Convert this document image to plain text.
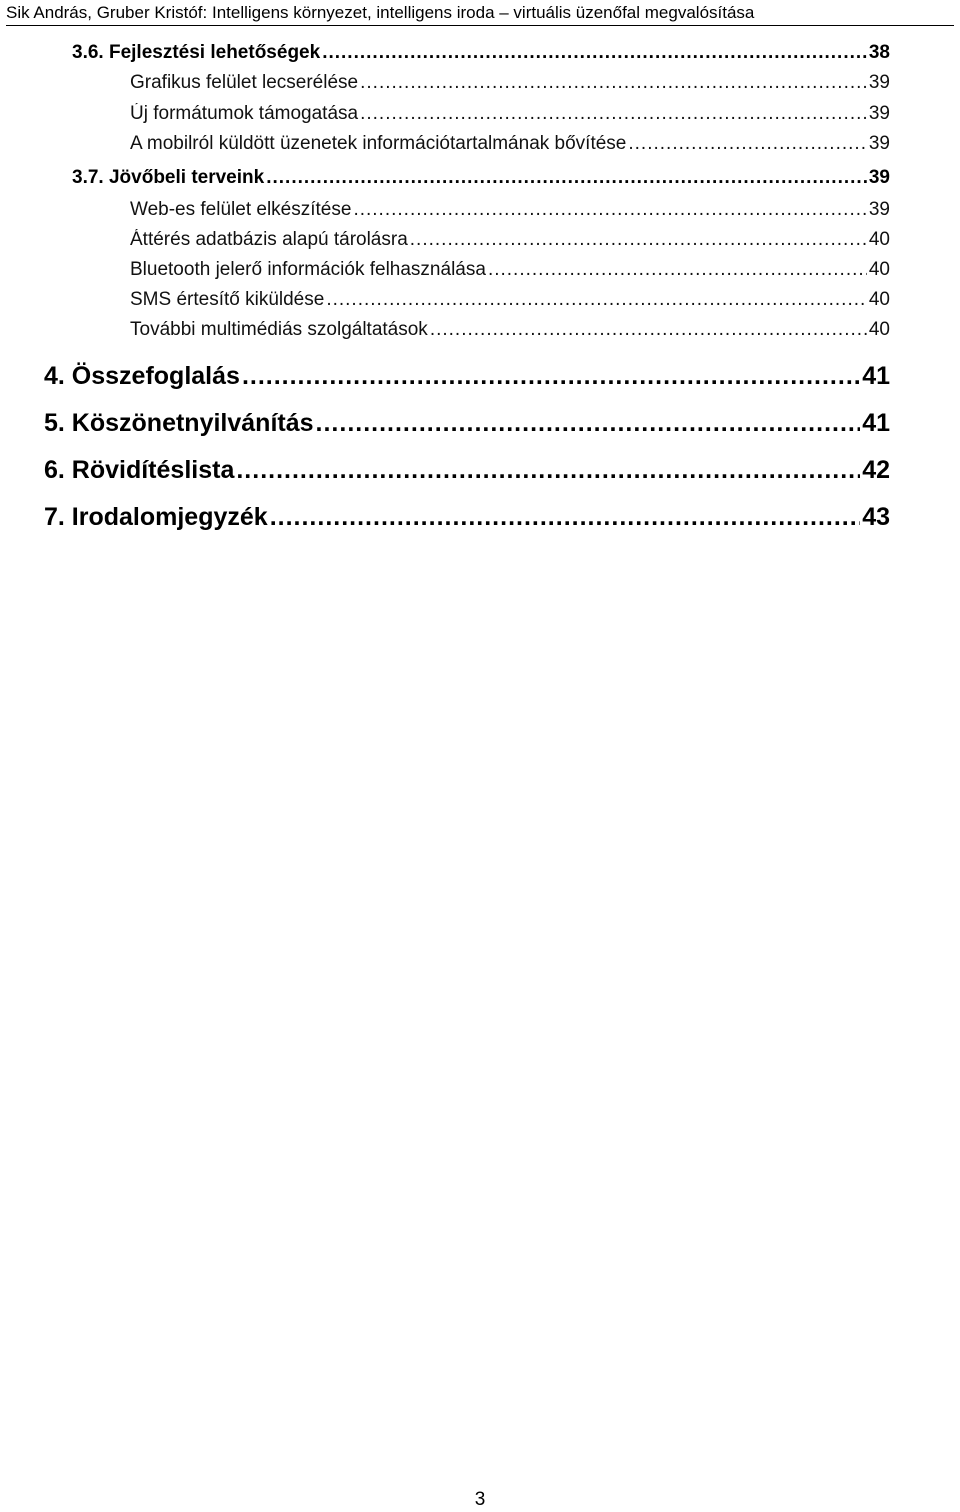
Sik András, Gruber Kristóf: Intelligens környezet, intelligens iroda – virtuális üzenőfal megvalósítása
3.6. Fejlesztési lehetőségek .....	38
Grafikus felület lecserélése .....	39
Új formátumok támogatása .....	39
A mobilról küldött üzenetek információtartalmának bővítése .....	39
3.7. Jövőbeli terveink .....	39
Web-es felület elkészítése .....	39
Áttérés adatbázis alapú tárolásra .....	40
Bluetooth jelerő információk felhasználása .....	40
SMS értesítő kiküldése .....	40
További multimédiás szolgáltatások .....	40
4. Összefoglalás .....	41
5. Köszönetnyilvánítás .....	41
6. Rövidítéslista .....	42
7. Irodalomjegyzék .....	43
3
